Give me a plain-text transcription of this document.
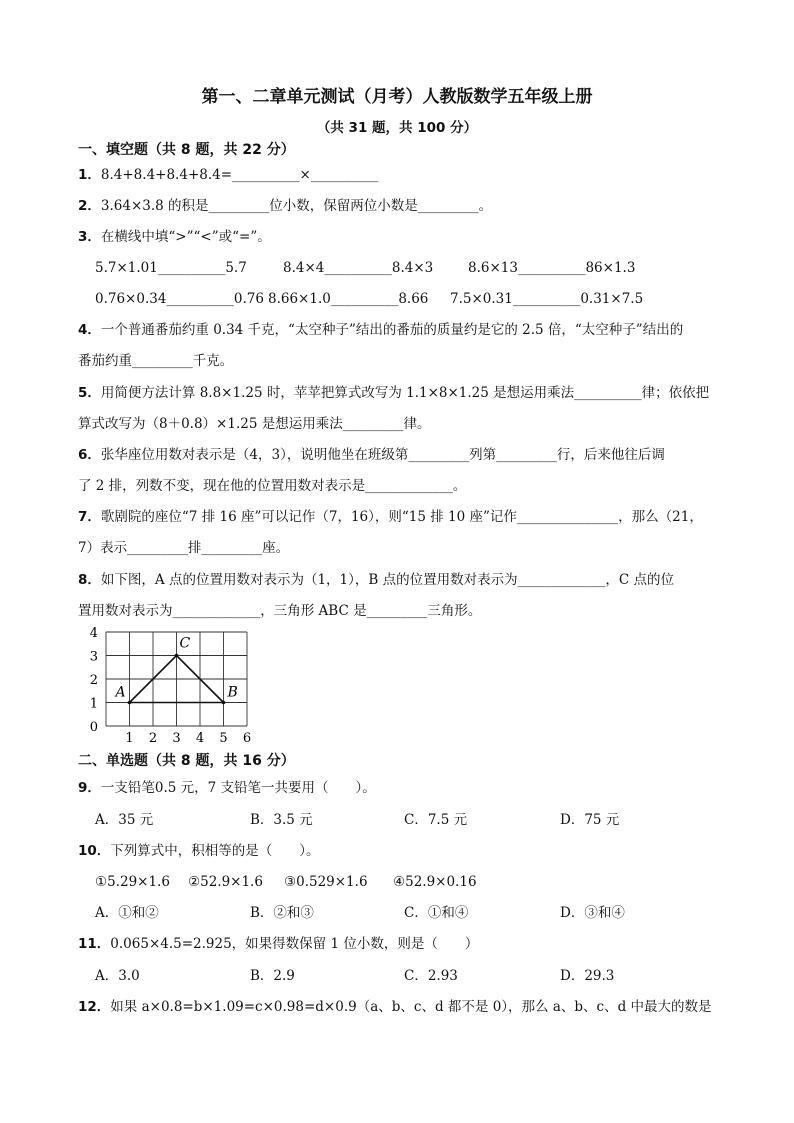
第一、二章单元测试（月考）人教版数学五年级上册
（共 31 题，共 100 分）
一、填空题（共 8 题，共 22 分）
1．8.4+8.4+8.4+8.4=__________×__________
2．3.64×3.8 的积是_________位小数，保留两位小数是_________。
3．在横线中填“>”“<”或“=”。
5.7×1.01__________5.7	8.4×4__________8.4×3	8.6×13__________86×1.3
0.76×0.34__________0.76 8.66×1.0__________8.66 7.5×0.31__________0.31×7.5
4．一个普通番茄约重 0.34 千克，“太空种子”结出的番茄的质量约是它的 2.5 倍，“太空种子”结出的
番茄约重_________千克。
5．用简便方法计算 8.8×1.25 时，苹苹把算式改写为 1.1×8×1.25 是想运用乘法__________律；依依把
算式改写为（8＋0.8）×1.25 是想运用乘法_________律。
6．张华座位用数对表示是（4，3），说明他坐在班级第_________列第_________行，后来他往后调
了 2 排，列数不变，现在他的位置用数对表示是_____________。
7．歌剧院的座位“7 排 16 座”可以记作（7，16），则“15 排 10 座”记作_______________，那么（21，
7）表示_________排_________座。
8．如下图，A 点的位置用数对表示为（1，1），B 点的位置用数对表示为_____________，C 点的位
置用数对表示为_____________，三角形 ABC 是_________三角形。
1 2 3 4 5 6
0
1
2
3
4
A	B
C
二、单选题（共 8 题，共 16 分）
9．一支铅笔0.5 元，7 支铅笔一共要用（　　）。
A．35 元	B．3.5 元	C．7.5 元	D．75 元
10．下列算式中，积相等的是（　　）。
①5.29×1.6 ②52.9×1.6 ③0.529×1.6 ④52.9×0.16
A．①和②	B．②和③	C．①和④	D．③和④
11．0.065×4.5=2.925，如果得数保留 1 位小数，则是（　　）
A．3.0	B．2.9	C．2.93	D．29.3
12．如果 a×0.8=b×1.09=c×0.98=d×0.9（a、b、c、d 都不是 0），那么 a、b、c、d 中最大的数是
